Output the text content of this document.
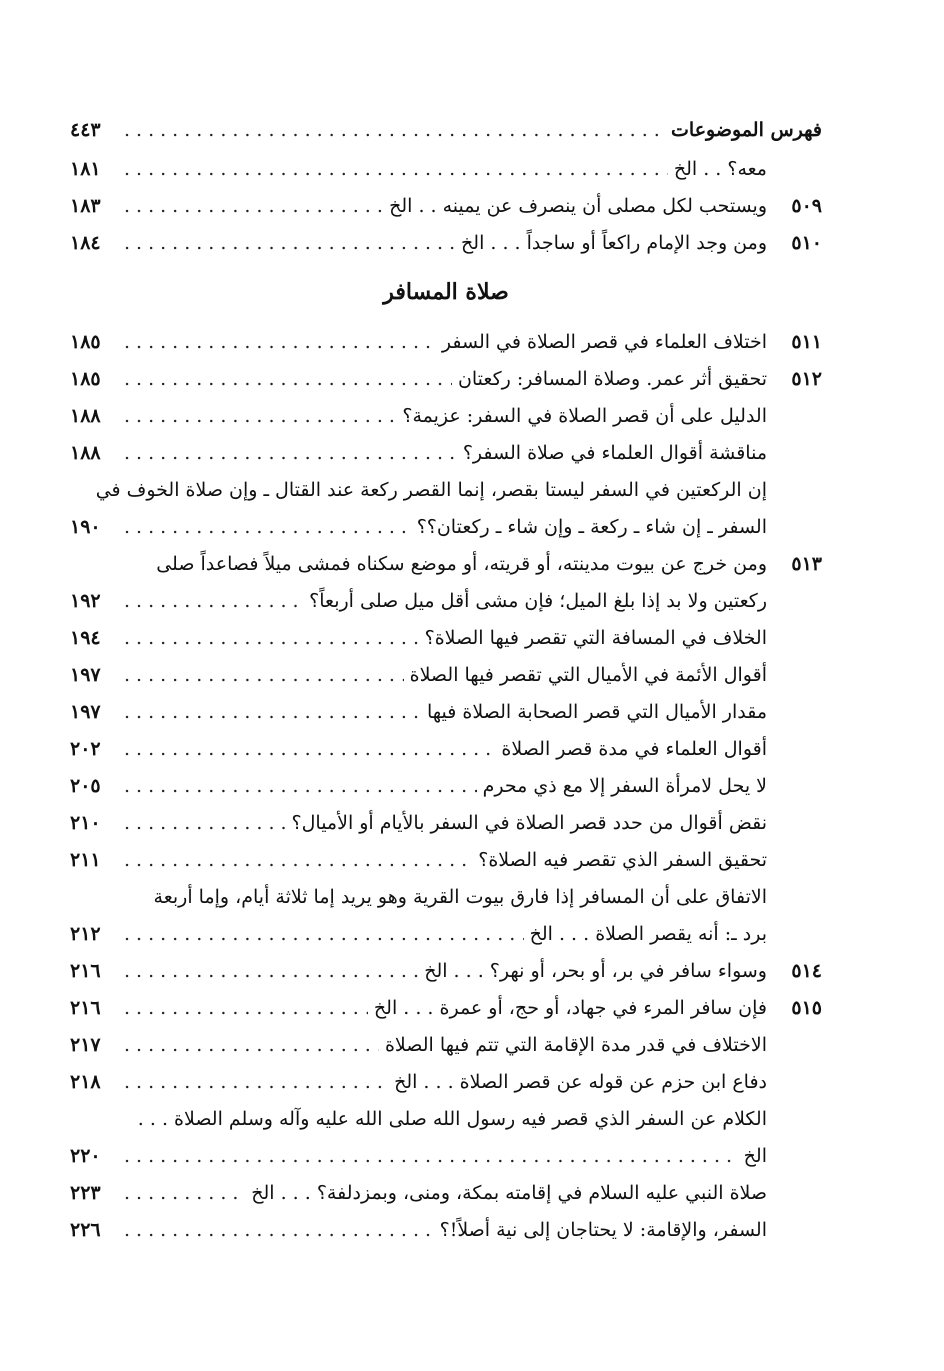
فهرس الموضوعات
.....
٤٤٣
معه؟ . . الخ
.....
١٨١
٥٠٩
ويستحب لكل مصلى أن ينصرف عن يمينه . . الخ
.....
١٨٣
٥١٠
ومن وجد الإمام راكعاً أو ساجداً . . . الخ
.....
١٨٤
صلاة المسافر
٥١١
اختلاف العلماء في قصر الصلاة في السفر
.....
١٨٥
٥١٢
تحقيق أثر عمر. وصلاة المسافر: ركعتان
.....
١٨٥
الدليل على أن قصر الصلاة في السفر: عزيمة؟
.....
١٨٨
مناقشة أقوال العلماء في صلاة السفر؟
.....
١٨٨
إن الركعتين في السفر ليستا بقصر، إنما القصر ركعة عند القتال ـ وإن صلاة الخوف في
السفر ـ إن شاء ـ ركعة ـ وإن شاء ـ ركعتان؟؟
.....
١٩٠
٥١٣
ومن خرج عن بيوت مدينته، أو قريته، أو موضع سكناه فمشى ميلاً فصاعداً صلى
ركعتين ولا بد إذا بلغ الميل؛ فإن مشى أقل ميل صلى أربعاً؟
.....
١٩٢
الخلاف في المسافة التي تقصر فيها الصلاة؟
.....
١٩٤
أقوال الأئمة في الأميال التي تقصر فيها الصلاة
.....
١٩٧
مقدار الأميال التي قصر الصحابة الصلاة فيها
.....
١٩٧
أقوال العلماء في مدة قصر الصلاة
.....
٢٠٢
لا يحل لامرأة السفر إلا مع ذي محرم
.....
٢٠٥
نقض أقوال من حدد قصر الصلاة في السفر بالأيام أو الأميال؟
.....
٢١٠
تحقيق السفر الذي تقصر فيه الصلاة؟
.....
٢١١
الاتفاق على أن المسافر إذا فارق بيوت القرية وهو يريد إما ثلاثة أيام، وإما أربعة
برد ـ: أنه يقصر الصلاة . . . الخ
.....
٢١٢
٥١٤
وسواء سافر في بر، أو بحر، أو نهر؟ . . . الخ
.....
٢١٦
٥١٥
فإن سافر المرء في جهاد، أو حج، أو عمرة . . . الخ
.....
٢١٦
الاختلاف في قدر مدة الإقامة التي تتم فيها الصلاة
.....
٢١٧
دفاع ابن حزم عن قوله عن قصر الصلاة . . . الخ
.....
٢١٨
الكلام عن السفر الذي قصر فيه رسول الله صلى الله عليه وآله وسلم الصلاة . . .
الخ
.....
٢٢٠
صلاة النبي عليه السلام في إقامته بمكة، ومنى، وبمزدلفة؟ . . . الخ
.....
٢٢٣
السفر، والإقامة: لا يحتاجان إلى نية أصلاً!؟
.....
٢٢٦
